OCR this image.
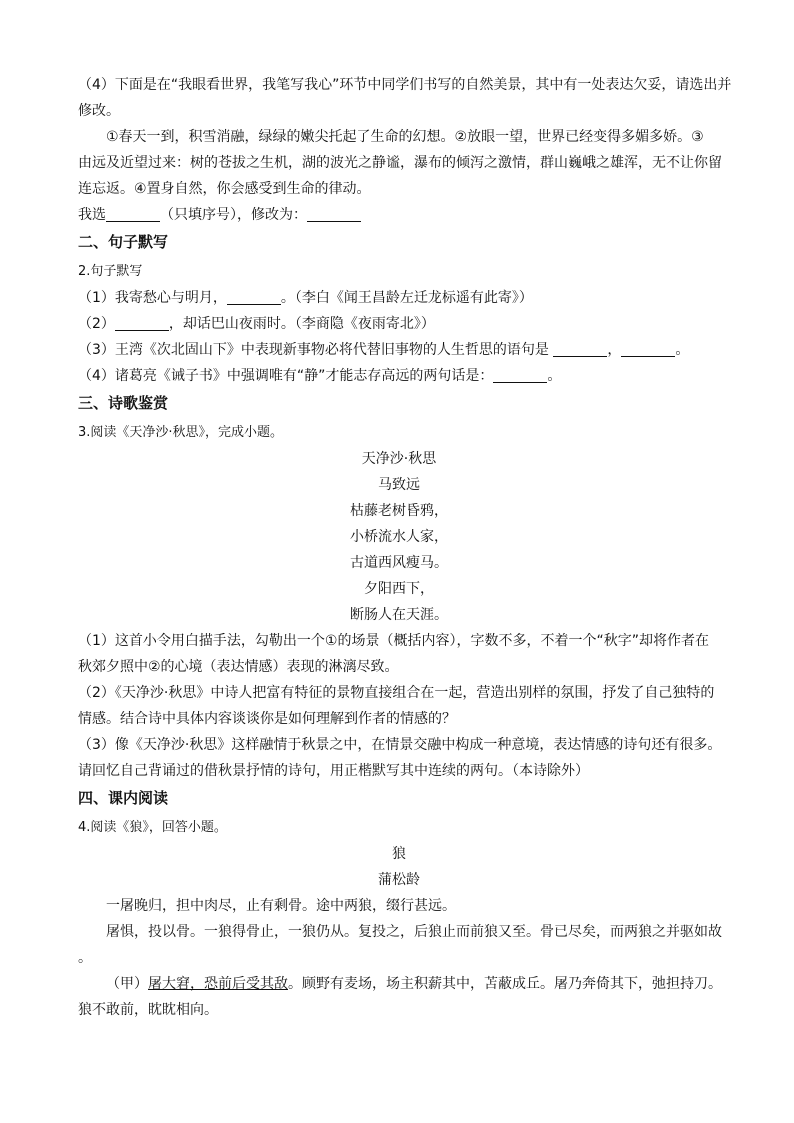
（4）下面是在“我眼看世界，我笔写我心”环节中同学们书写的自然美景，其中有一处表达欠妥，请选出并
修改。
①春天一到，积雪消融，绿绿的嫩尖托起了生命的幻想。②放眼一望，世界已经变得多媚多娇。③
由远及近望过来：树的苍拔之生机，湖的波光之静谧，瀑布的倾泻之激情，群山巍峨之雄浑，无不让你留
连忘返。④置身自然，你会感受到生命的律动。
我选	（只填序号），修改为：
二、句子默写
2.句子默写
（1）我寄愁心与明月，	。（李白《闻王昌龄左迁龙标遥有此寄》）
（2）	，却话巴山夜雨时。（李商隐《夜雨寄北》）
（3）王湾《次北固山下》中表现新事物必将代替旧事物的人生哲思的语句是	，	。
（4）诸葛亮《诫子书》中强调唯有“静”才能志存高远的两句话是：	。
三、诗歌鉴赏
3.阅读《天净沙·秋思》，完成小题。
天净沙·秋思
马致远
枯藤老树昏鸦，
小桥流水人家，
古道西风瘦马。
夕阳西下，
断肠人在天涯。
（1）这首小令用白描手法，勾勒出一个①的场景（概括内容），字数不多，不着一个“秋字”却将作者在
秋郊夕照中②的心境（表达情感）表现的淋漓尽致。
（2）《天净沙·秋思》中诗人把富有特征的景物直接组合在一起，营造出别样的氛围，抒发了自己独特的
情感。结合诗中具体内容谈谈你是如何理解到作者的情感的？
（3）像《天净沙·秋思》这样融情于秋景之中，在情景交融中构成一种意境，表达情感的诗句还有很多。
请回忆自己背诵过的借秋景抒情的诗句，用正楷默写其中连续的两句。（本诗除外）
四、课内阅读
4.阅读《狼》，回答小题。
狼
蒲松龄
一屠晚归，担中肉尽，止有剩骨。途中两狼，缀行甚远。
屠惧，投以骨。一狼得骨止，一狼仍从。复投之，后狼止而前狼又至。骨已尽矣，而两狼之并驱如故
。
（甲）屠大窘，恐前后受其敌。顾野有麦场，场主积薪其中，苫蔽成丘。屠乃奔倚其下，弛担持刀。
狼不敢前，眈眈相向。
